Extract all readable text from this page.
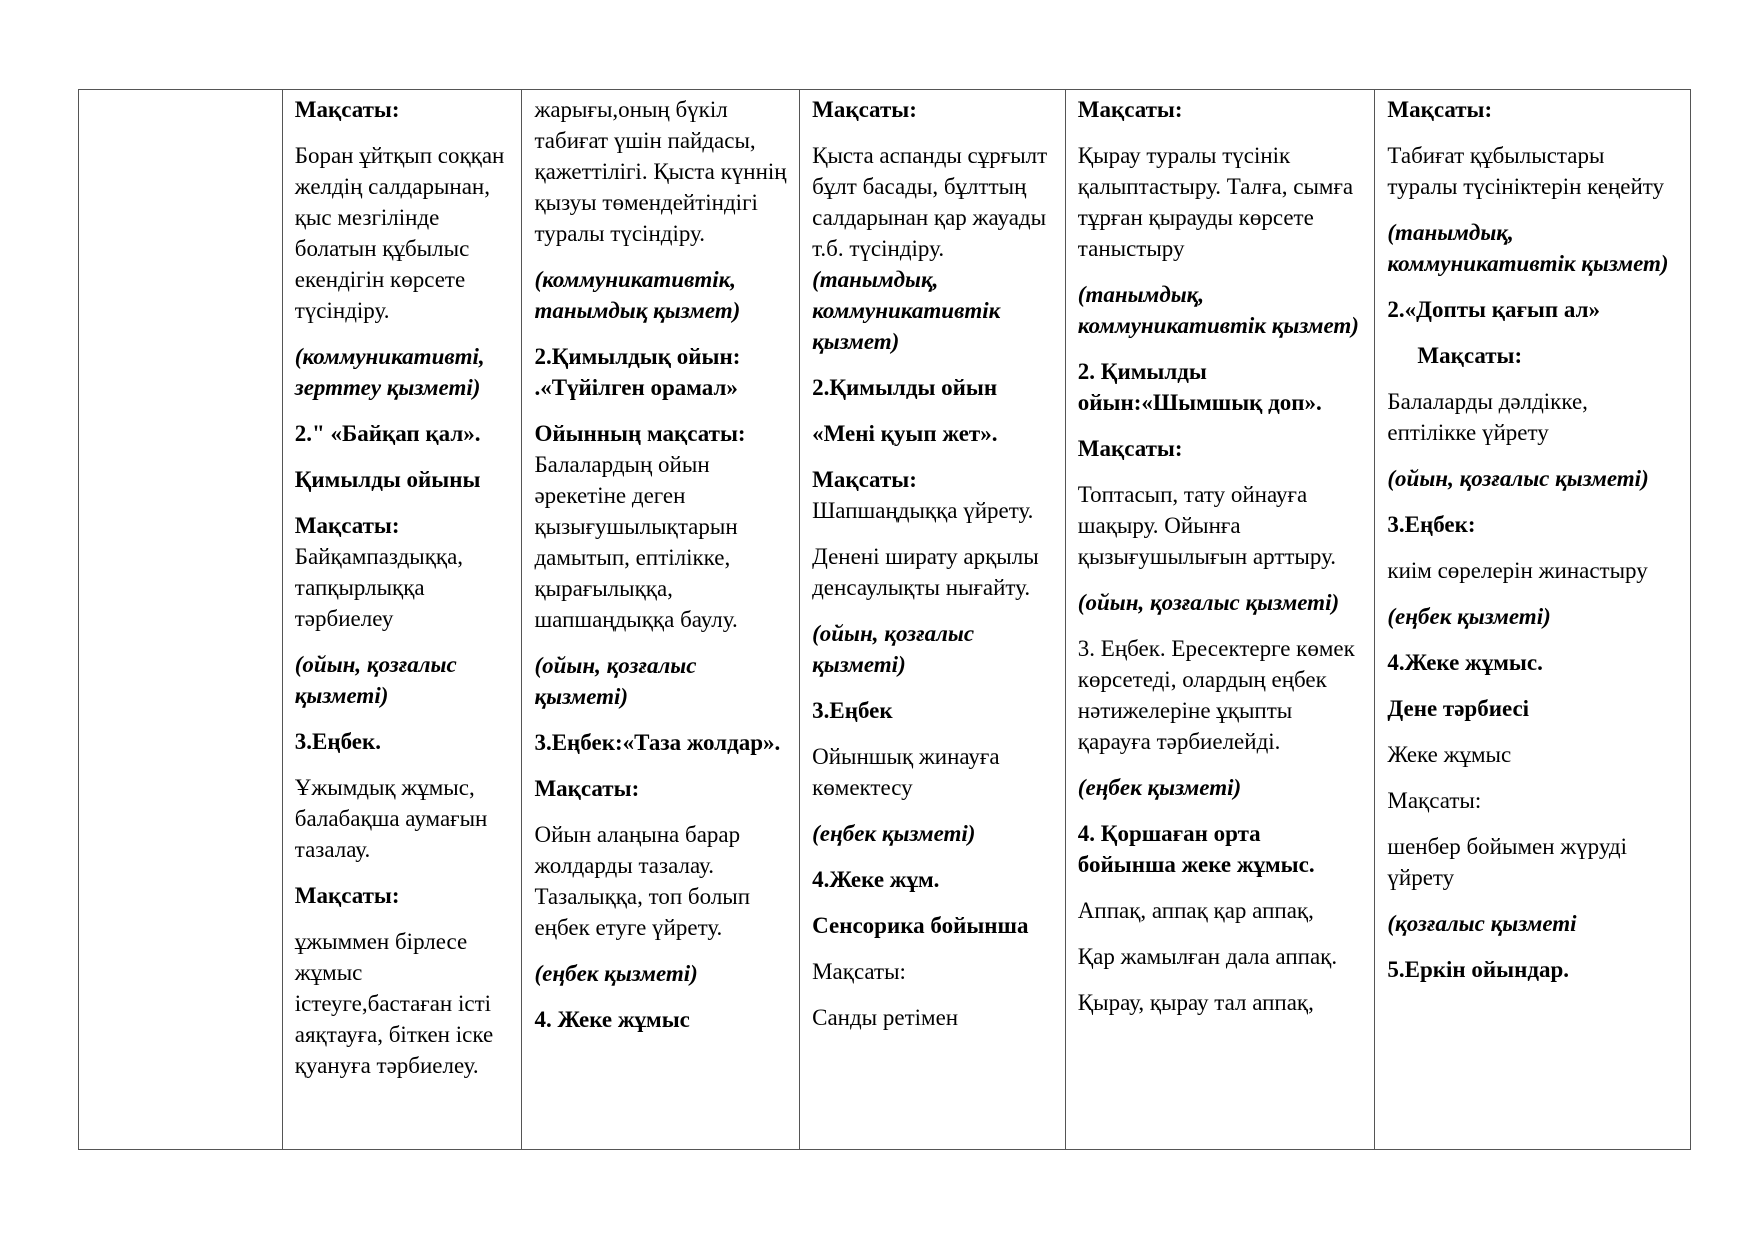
Мақсаты:
Боран ұйтқып соққан желдің салдарынан, қыс мезгілінде болатын құбылыс екендігін көрсете түсіндіру.
(коммуникативті, зерттеу қызметі)
2." «Байқап қал».
Қимылды ойыны
Мақсаты:
Байқампаздыққа, тапқырлыққа тәрбиелеу
(ойын, қозғалыс қызметі)
3.Еңбек.
Ұжымдық жұмыс, балабақша аумағын тазалау.
Мақсаты:
ұжыммен бірлесе жұмыс істеуге,бастаған істі аяқтауға, біткен іске қуануға тәрбиелеу.
жарығы,оның бүкіл табиғат үшін пайдасы, қажеттілігі. Қыста күннің қызуы төмендейтіндігі туралы түсіндіру.
(коммуникативтік, танымдық қызмет)
2.Қимылдық ойын: .«Түйілген орамал»
Ойынның мақсаты:
Балалардың ойын әрекетіне деген қызығушылықтарын дамытып, ептілікке, қырағылыққа, шапшаңдыққа баулу.
(ойын, қозғалыс қызметі)
3.Еңбек:«Таза жолдар».
Мақсаты:
Ойын алаңына барар жолдарды тазалау. Тазалыққа, топ болып еңбек етуге үйрету.
(еңбек қызметі)
4. Жеке жұмыс
Мақсаты:
Қыста аспанды сұрғылт бұлт басады, бұлттың салдарынан қар жауады т.б. түсіндіру.
(танымдық, коммуникативтік қызмет)
2.Қимылды ойын
«Мені қуып жет».
Мақсаты:
Шапшаңдыққа үйрету.
Денені ширату арқылы денсаулықты нығайту.
(ойын, қозғалыс қызметі)
3.Еңбек
Ойыншық жинауға көмектесу
(еңбек қызметі)
4.Жеке жұм.
Сенсорика бойынша
Мақсаты:
Санды ретімен
Мақсаты:
Қырау туралы түсінік қалыптастыру. Талға, сымға тұрған қырауды көрсете таныстыру
(танымдық, коммуникативтік қызмет)
2. Қимылды ойын:«Шымшық доп».
Мақсаты:
Топтасып, тату ойнауға шақыру. Ойынға қызығушылығын арттыру.
(ойын, қозғалыс қызметі)
3. Еңбек. Ересектерге көмек көрсетеді, олардың еңбек нәтижелеріне ұқыпты қарауға тәрбиелейді.
(еңбек қызметі)
4. Қоршаған орта бойынша жеке жұмыс.
Аппақ, аппақ қар аппақ,
Қар жамылған дала аппақ.
Қырау, қырау тал аппақ,
Мақсаты:
Табиғат құбылыстары туралы түсініктерін кеңейту
(танымдық, коммуникативтік қызмет)
2.«Допты қағып ал»
Мақсаты:
Балаларды дәлдікке, ептілікке үйрету
(ойын, қозғалыс қызметі)
3.Еңбек:
киім сөрелерін жинастыру
(еңбек қызметі)
4.Жеке жұмыс.
Дене тәрбиесі
Жеке жұмыс
Мақсаты:
шенбер бойымен жүруді үйрету
(қозғалыс қызметі
5.Еркін ойындар.
